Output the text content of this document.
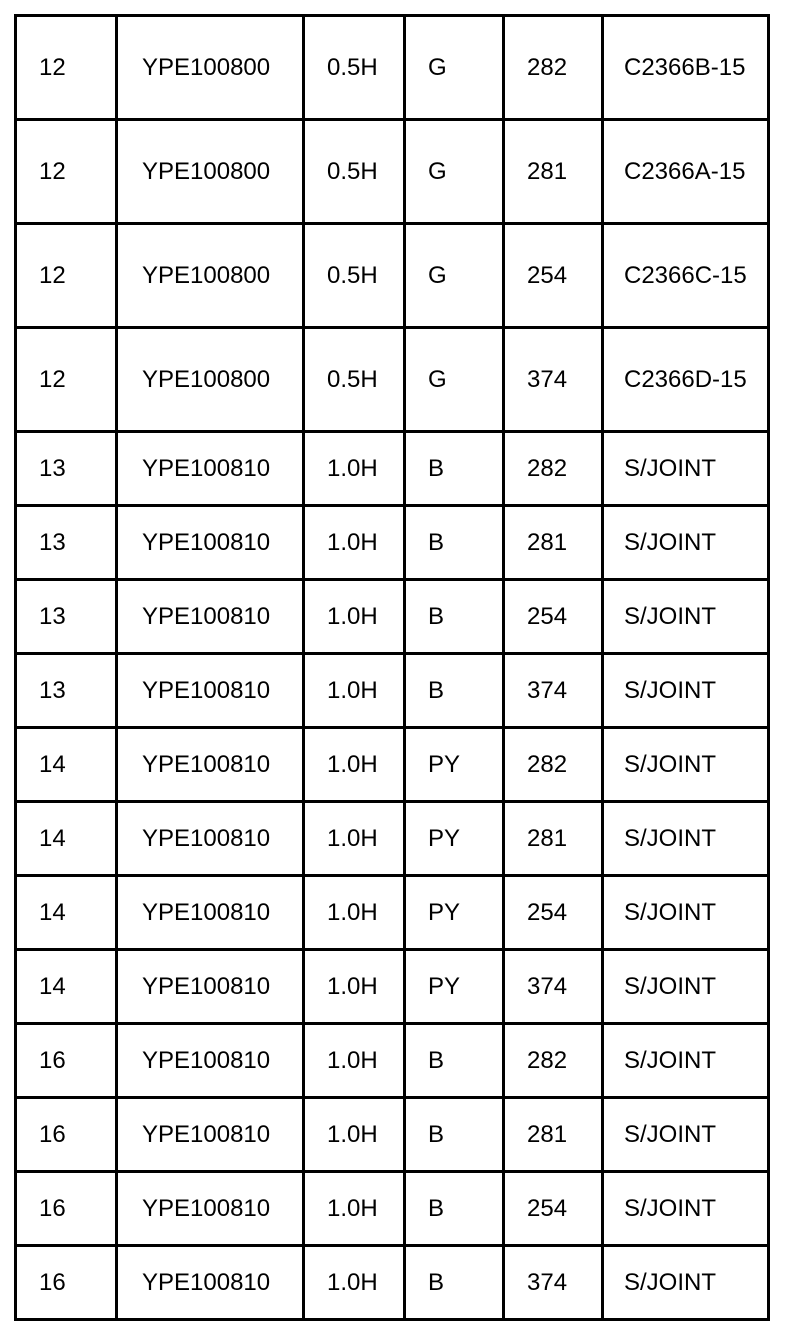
12	YPE100800	0.5H	G	282	C2366B-15
12	YPE100800	0.5H	G	281	C2366A-15
12	YPE100800	0.5H	G	254	C2366C-15
12	YPE100800	0.5H	G	374	C2366D-15
13	YPE100810	1.0H	B	282	S/JOINT
13	YPE100810	1.0H	B	281	S/JOINT
13	YPE100810	1.0H	B	254	S/JOINT
13	YPE100810	1.0H	B	374	S/JOINT
14	YPE100810	1.0H	PY	282	S/JOINT
14	YPE100810	1.0H	PY	281	S/JOINT
14	YPE100810	1.0H	PY	254	S/JOINT
14	YPE100810	1.0H	PY	374	S/JOINT
16	YPE100810	1.0H	B	282	S/JOINT
16	YPE100810	1.0H	B	281	S/JOINT
16	YPE100810	1.0H	B	254	S/JOINT
16	YPE100810	1.0H	B	374	S/JOINT
